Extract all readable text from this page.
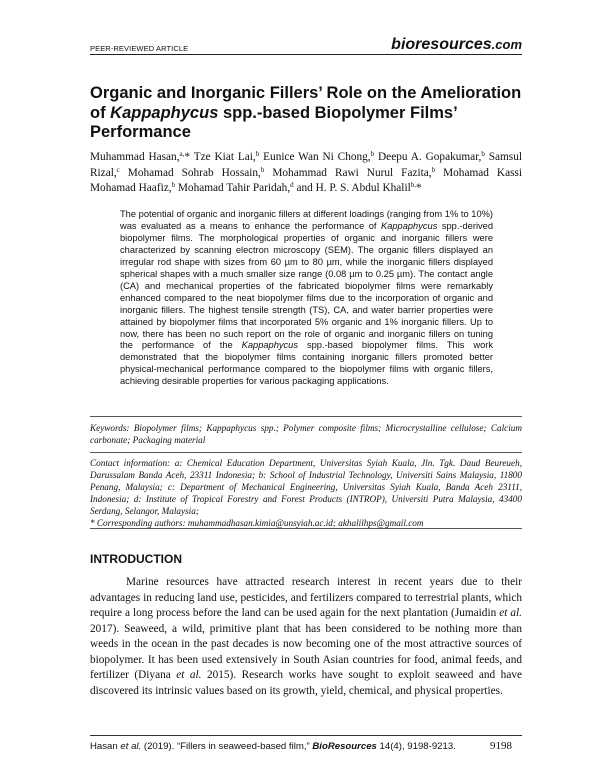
PEER-REVIEWED ARTICLE	bioresources.com
Organic and Inorganic Fillers’ Role on the Amelioration
of Kappaphycus spp.-based Biopolymer Films’
Performance
Muhammad Hasan,$^{a,}$* Tze Kiat Lai,$^b$ Eunice Wan Ni Chong,$^b$ Deepu A. Gopakumar,$^b$ Samsul Rizal,$^c$ Mohamad Sohrab Hossain,$^b$ Mohammad Rawi Nurul Fazita,$^b$ Mohamad Kassi Mohamad Haafiz,$^b$ Mohamad Tahir Paridah,$^d$ and H. P. S. Abdul Khalil$^{b,}$*
The potential of organic and inorganic fillers at different loadings (ranging from 1% to 10%) was evaluated as a means to enhance the performance of Kappaphycus spp.-derived biopolymer films. The morphological properties of organic and inorganic fillers were characterized by scanning electron microscopy (SEM). The organic fillers displayed an irregular rod shape with sizes from 60 µm to 80 µm, while the inorganic fillers displayed spherical shapes with a much smaller size range (0.08 µm to 0.25 µm). The contact angle (CA) and mechanical properties of the fabricated biopolymer films were remarkably enhanced compared to the neat biopolymer films due to the incorporation of organic and inorganic fillers. The highest tensile strength (TS), CA, and water barrier properties were attained by biopolymer films that incorporated 5% organic and 1% inorganic fillers. Up to now, there has been no such report on the role of organic and inorganic fillers on tuning the performance of the Kappaphycus spp.-based biopolymer films. This work demonstrated that the biopolymer films containing inorganic fillers promoted better physical-mechanical performance compared to the biopolymer films with organic fillers, achieving desirable properties for various packaging applications.
Keywords: Biopolymer films; Kappaphycus spp.; Polymer composite films; Microcrystalline cellulose; Calcium carbonate; Packaging material
Contact information: a: Chemical Education Department, Universitas Syiah Kuala, Jln. Tgk. Daud Beureueh, Darussalam Banda Aceh, 23311 Indonesia; b: School of Industrial Technology, Universiti Sains Malaysia, 11800 Penang, Malaysia; c: Department of Mechanical Engineering, Universitas Syiah Kuala, Banda Aceh 23111, Indonesia; d: Institute of Tropical Forestry and Forest Products (INTROP), Universiti Putra Malaysia, 43400 Serdang, Selangor, Malaysia;
* Corresponding authors: muhammadhasan.kimia@unsyiah.ac.id; akhalilhps@gmail.com
INTRODUCTION
Marine resources have attracted research interest in recent years due to their advantages in reducing land use, pesticides, and fertilizers compared to terrestrial plants, which require a long process before the land can be used again for the next plantation (Jumaidin et al. 2017). Seaweed, a wild, primitive plant that has been considered to be nothing more than weeds in the ocean in the past decades is now becoming one of the most attractive sources of biopolymer. It has been used extensively in South Asian countries for food, animal feeds, and fertilizer (Diyana et al. 2015). Research works have sought to exploit seaweed and have discovered its intrinsic values based on its growth, yield, chemical, and physical properties.
Hasan et al. (2019). “Fillers in seaweed-based film,” BioResources 14(4), 9198-9213.	9198
